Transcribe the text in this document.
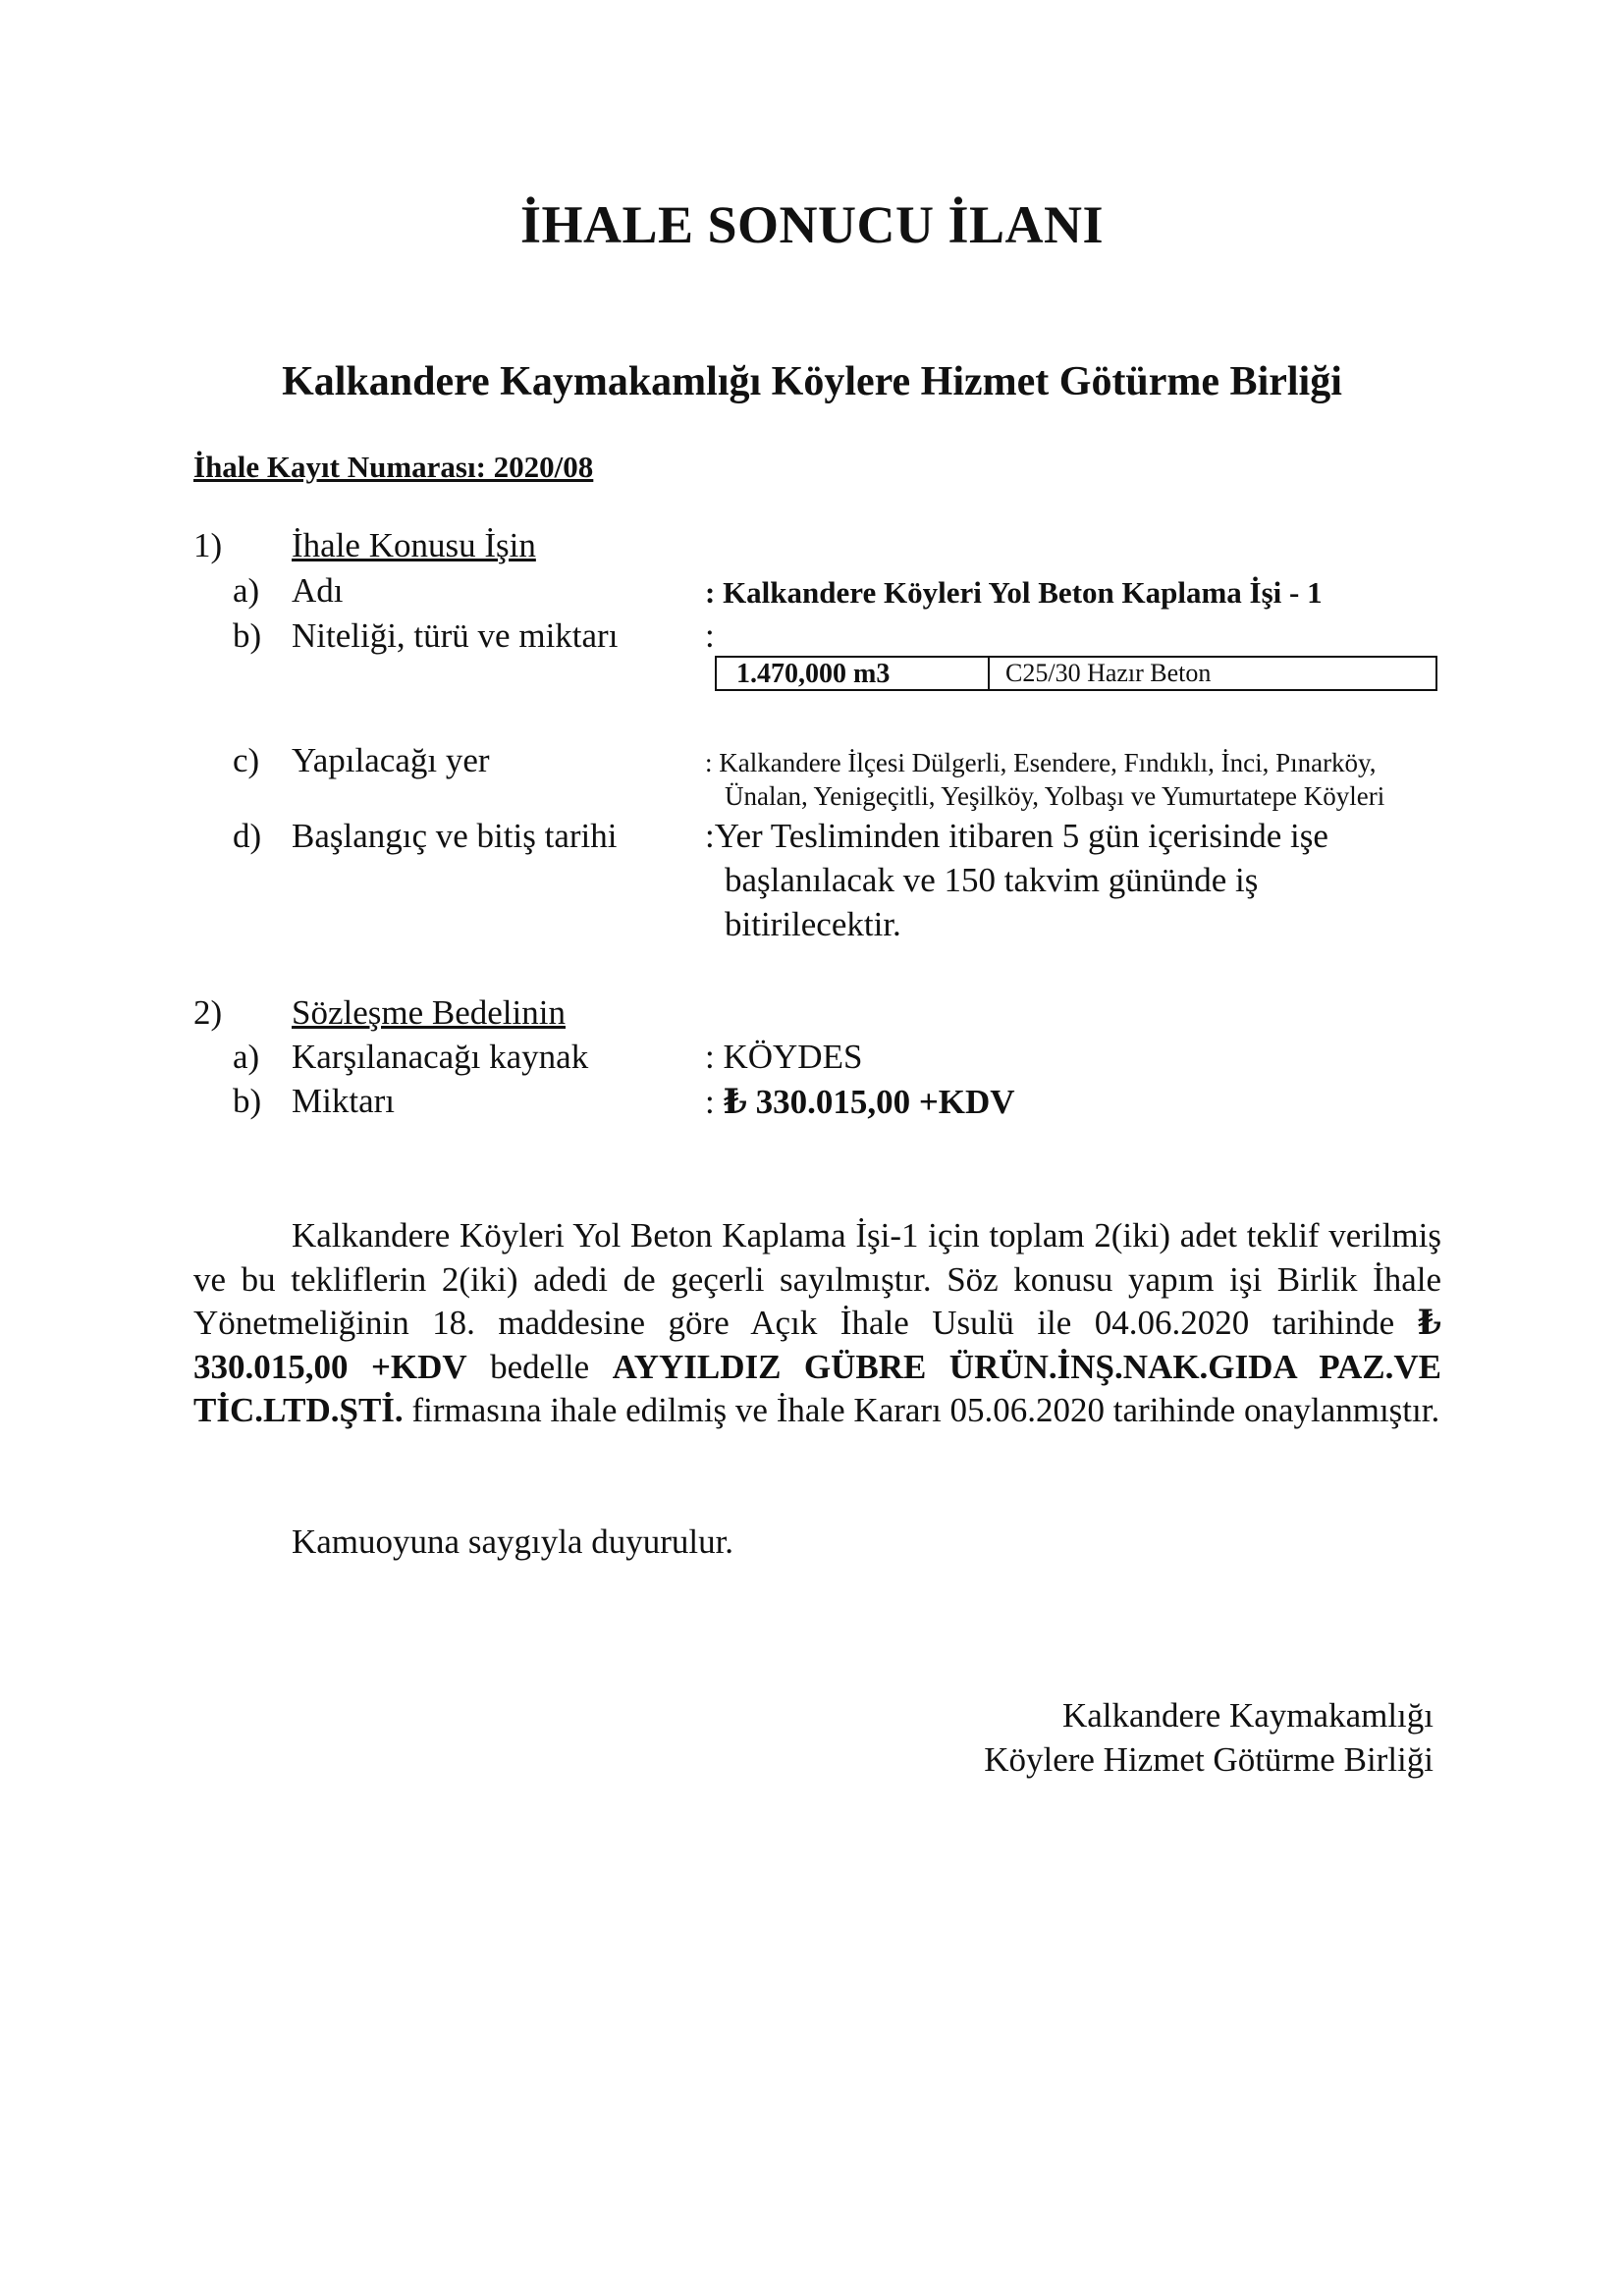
İHALE SONUCU İLANI
Kalkandere Kaymakamlığı Köylere Hizmet Götürme Birliği
İhale Kayıt Numarası: 2020/08
1) İhale Konusu İşin
a) Adı	: Kalkandere Köyleri Yol Beton Kaplama İşi - 1
b) Niteliği, türü ve miktarı	:
1.470,000 m3	C25/30 Hazır Beton
c) Yapılacağı yer	: Kalkandere İlçesi Dülgerli, Esendere, Fındıklı, İnci, Pınarköy,
Ünalan, Yenigeçitli, Yeşilköy, Yolbaşı ve Yumurtatepe Köyleri
d) Başlangıç ve bitiş tarihi	:Yer Tesliminden itibaren 5 gün içerisinde işe
başlanılacak ve 150 takvim gününde iş
bitirilecektir.
2) Sözleşme Bedelinin
a) Karşılanacağı kaynak	: KÖYDES
b) Miktarı	: ₺ 330.015,00 +KDV

Kalkandere Köyleri Yol Beton Kaplama İşi-1 için toplam 2(iki) adet teklif verilmiş ve bu tekliflerin 2(iki) adedi de geçerli sayılmıştır. Söz konusu yapım işi Birlik İhale Yönetmeliğinin 18. maddesine göre Açık İhale Usulü ile 04.06.2020 tarihinde ₺ 330.015,00 +KDV bedelle AYYILDIZ GÜBRE ÜRÜN.İNŞ.NAK.GIDA PAZ.VE TİC.LTD.ŞTİ. firmasına ihale edilmiş ve İhale Kararı 05.06.2020 tarihinde onaylanmıştır.

Kamuoyuna saygıyla duyurulur.
Kalkandere Kaymakamlığı
Köylere Hizmet Götürme Birliği
